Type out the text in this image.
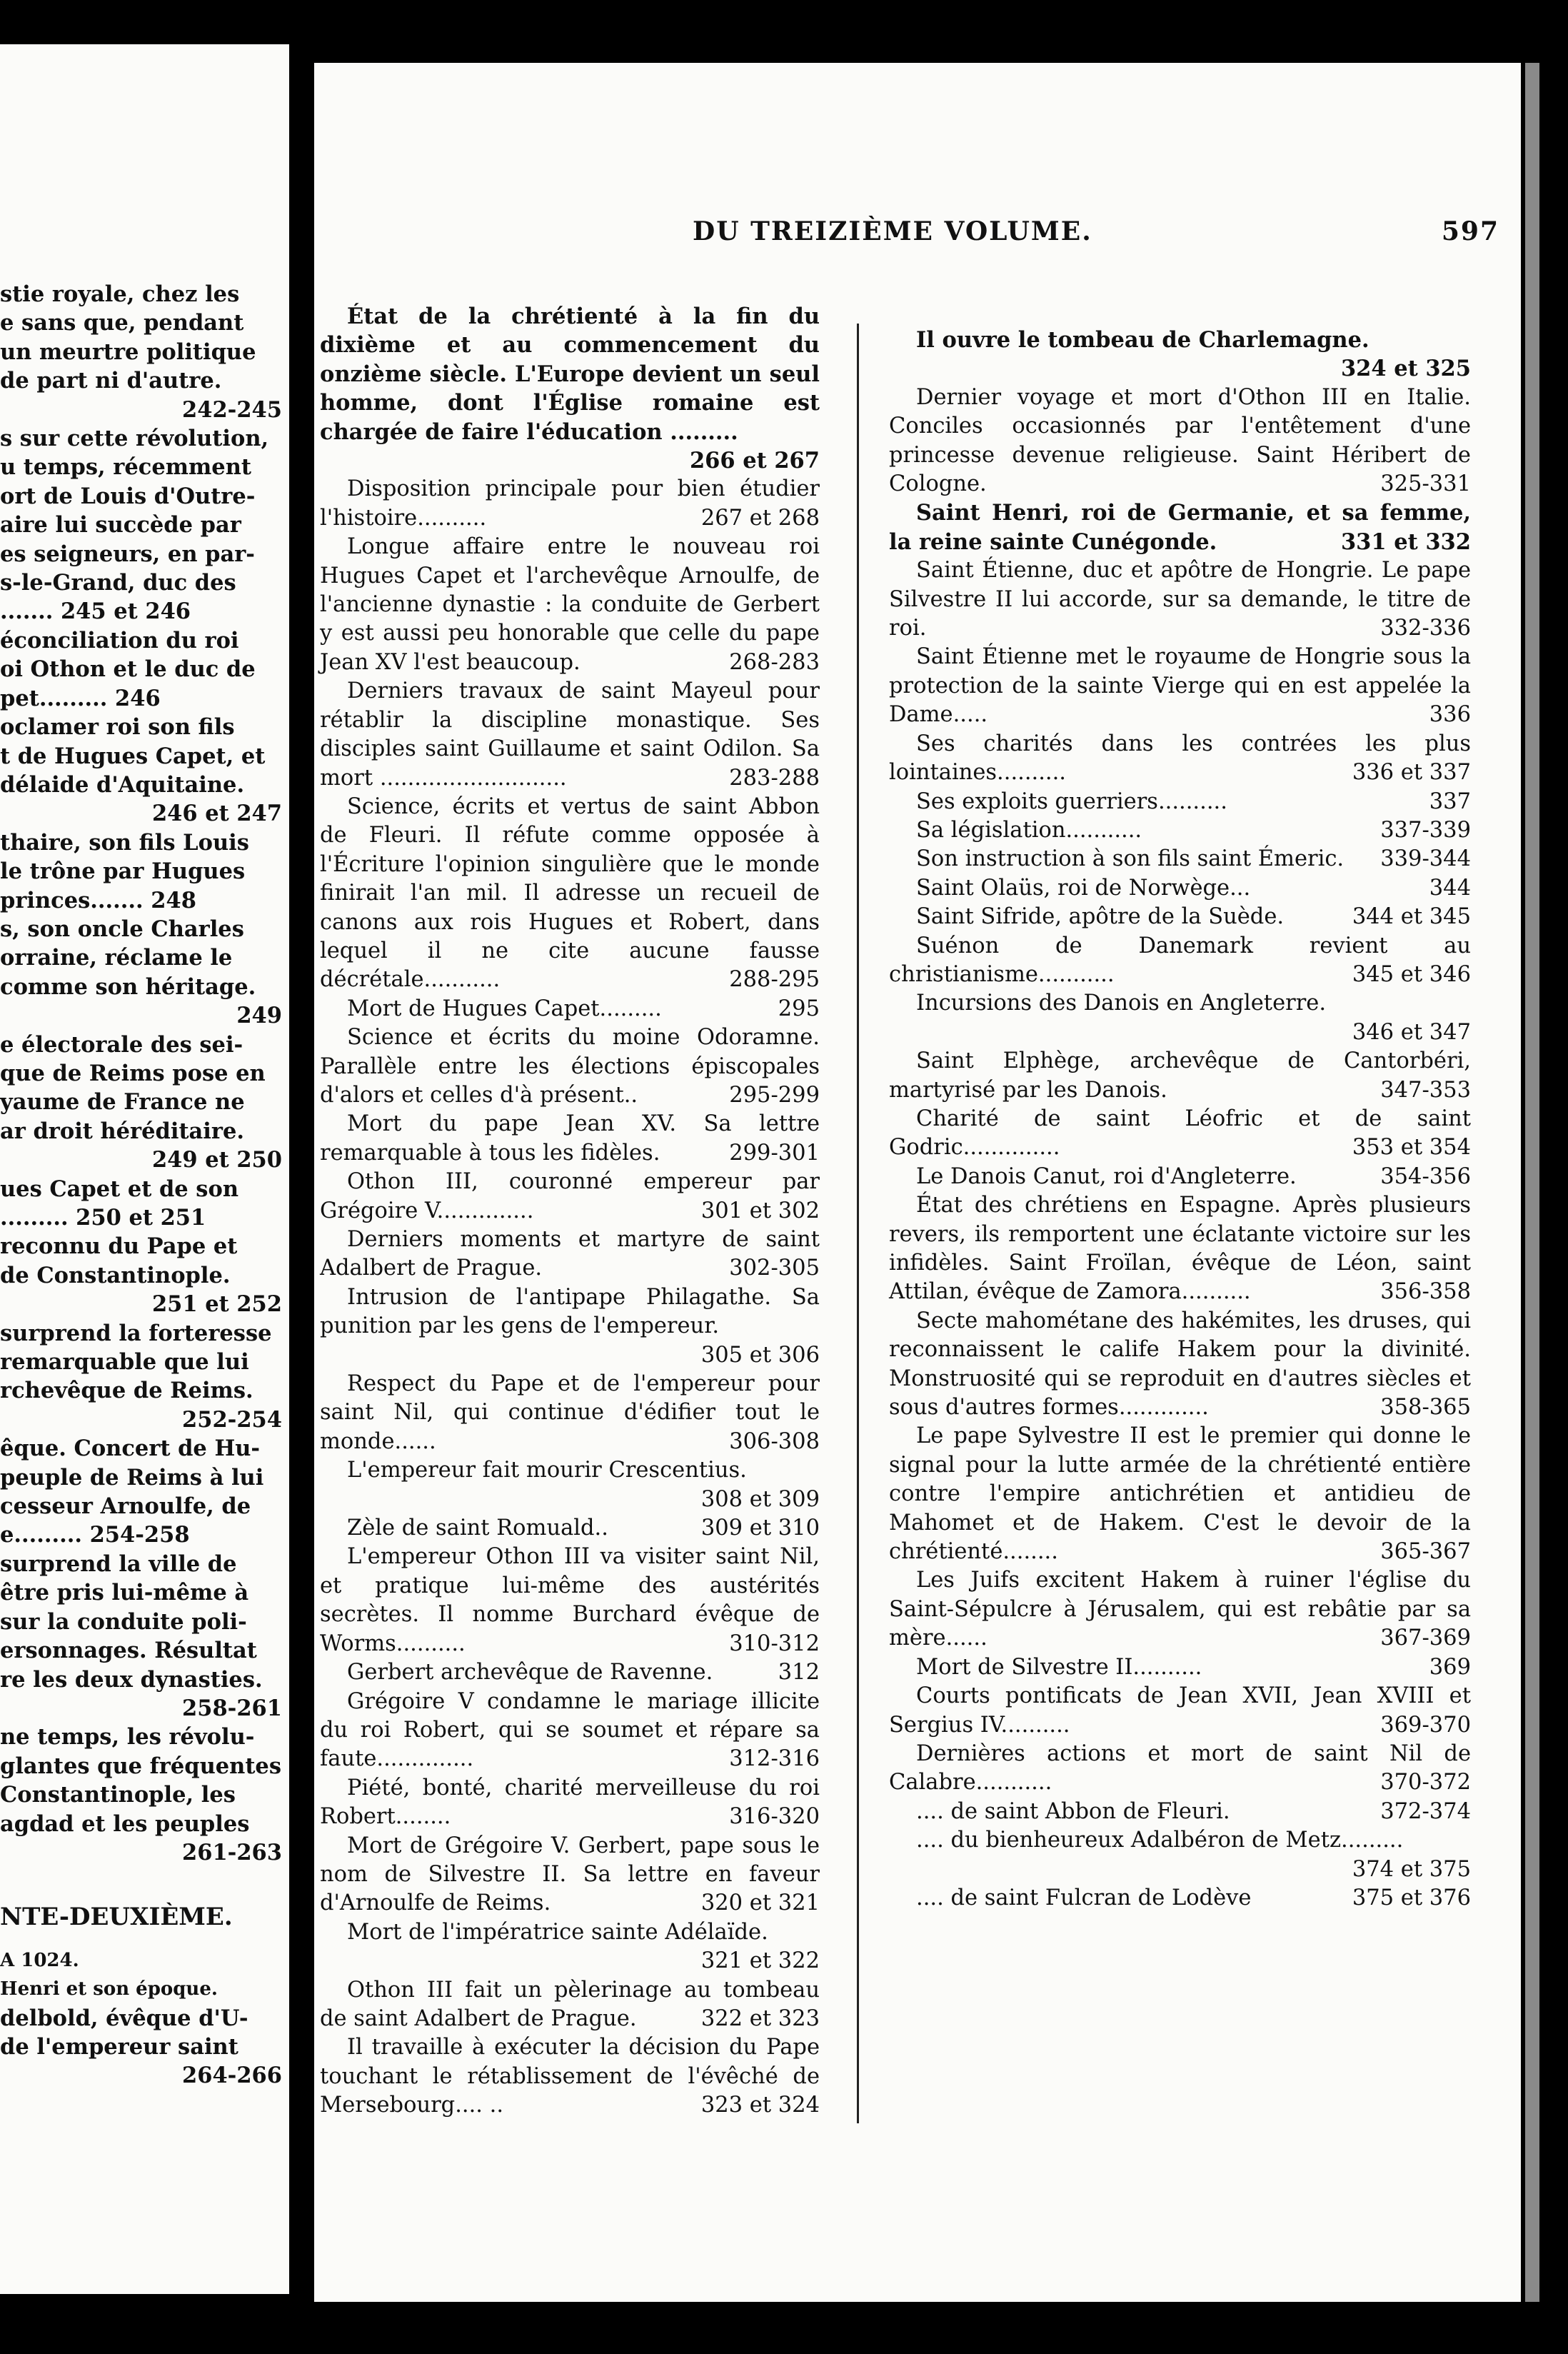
stie royale, chez les
e sans que, pendant
un meurtre politique
de part ni d'autre.
242-245
s sur cette révolution,
u temps, récemment
ort de Louis d'Outre-
aire lui succède par
es seigneurs, en par-
s-le-Grand, duc des
....... 245 et 246
éconciliation du roi
oi Othon et le duc de
pet......... 246
oclamer roi son fils
t de Hugues Capet, et
délaide d'Aquitaine.
246 et 247
thaire, son fils Louis
le trône par Hugues
princes....... 248
s, son oncle Charles
orraine, réclame le
comme son héritage.
249
e électorale des sei-
que de Reims pose en
yaume de France ne
ar droit héréditaire.
249 et 250
ues Capet et de son
......... 250 et 251
reconnu du Pape et
de Constantinople.
251 et 252
surprend la forteresse
remarquable que lui
rchevêque de Reims.
252-254
êque. Concert de Hu-
peuple de Reims à lui
cesseur Arnoulfe, de
e......... 254-258
surprend la ville de
être pris lui-même à
sur la conduite poli-
ersonnages. Résultat
re les deux dynasties.
258-261
ne temps, les révolu-
glantes que fréquentes
Constantinople, les
agdad et les peuples
261-263
NTE-DEUXIÈME.
A 1024.
Henri et son époque.
delbold, évêque d'U-
de l'empereur saint
264-266
DU TREIZIÈME VOLUME.	597

État de la chrétienté à la fin du dixième et au commencement du onzième siècle. L'Europe devient un seul homme, dont l'Église romaine est chargée de faire l'éducation .........
266 et 267

Disposition principale pour bien étudier l'histoire..........	267 et 268

Longue affaire entre le nouveau roi Hugues Capet et l'archevêque Arnoulfe, de l'ancienne dynastie : la conduite de Gerbert y est aussi peu honorable que celle du pape Jean XV l'est beaucoup.	268-283

Derniers travaux de saint Mayeul pour rétablir la discipline monastique. Ses disciples saint Guillaume et saint Odilon. Sa mort ...........................	283-288

Science, écrits et vertus de saint Abbon de Fleuri. Il réfute comme opposée à l'Écriture l'opinion singulière que le monde finirait l'an mil. Il adresse un recueil de canons aux rois Hugues et Robert, dans lequel il ne cite aucune fausse décrétale...........	288-295

Mort de Hugues Capet.........	295

Science et écrits du moine Odoramne. Parallèle entre les élections épiscopales d'alors et celles d'à présent..	295-299

Mort du pape Jean XV. Sa lettre remarquable à tous les fidèles.	299-301

Othon III, couronné empereur par Grégoire V..............	301 et 302

Derniers moments et martyre de saint Adalbert de Prague.	302-305

Intrusion de l'antipape Philagathe. Sa punition par les gens de l'empereur.
305 et 306

Respect du Pape et de l'empereur pour saint Nil, qui continue d'édifier tout le monde......	306-308

L'empereur fait mourir Crescentius.
308 et 309

Zèle de saint Romuald..	309 et 310

L'empereur Othon III va visiter saint Nil, et pratique lui-même des austérités secrètes. Il nomme Burchard évêque de Worms..........	310-312

Gerbert archevêque de Ravenne.	312

Grégoire V condamne le mariage illicite du roi Robert, qui se soumet et répare sa faute..............	312-316

Piété, bonté, charité merveilleuse du roi Robert........	316-320

Mort de Grégoire V. Gerbert, pape sous le nom de Silvestre II. Sa lettre en faveur d'Arnoulfe de Reims.	320 et 321

Mort de l'impératrice sainte Adélaïde.
321 et 322

Othon III fait un pèlerinage au tombeau de saint Adalbert de Prague.	322 et 323

Il travaille à exécuter la décision du Pape touchant le rétablissement de l'évêché de Mersebourg.... ..	323 et 324

Il ouvre le tombeau de Charlemagne.
324 et 325

Dernier voyage et mort d'Othon III en Italie. Conciles occasionnés par l'entêtement d'une princesse devenue religieuse. Saint Héribert de Cologne.	325-331

Saint Henri, roi de Germanie, et sa femme, la reine sainte Cunégonde.	331 et 332

Saint Étienne, duc et apôtre de Hongrie. Le pape Silvestre II lui accorde, sur sa demande, le titre de roi.	332-336

Saint Étienne met le royaume de Hongrie sous la protection de la sainte Vierge qui en est appelée la Dame.....	336

Ses charités dans les contrées les plus lointaines..........	336 et 337

Ses exploits guerriers..........	337

Sa législation...........	337-339

Son instruction à son fils saint Émeric.	339-344

Saint Olaüs, roi de Norwège...	344

Saint Sifride, apôtre de la Suède.	344 et 345

Suénon de Danemark revient au christianisme...........	345 et 346

Incursions des Danois en Angleterre.
346 et 347

Saint Elphège, archevêque de Cantorbéri, martyrisé par les Danois.	347-353

Charité de saint Léofric et de saint Godric..............	353 et 354

Le Danois Canut, roi d'Angleterre.	354-356

État des chrétiens en Espagne. Après plusieurs revers, ils remportent une éclatante victoire sur les infidèles. Saint Froïlan, évêque de Léon, saint Attilan, évêque de Zamora..........	356-358

Secte mahométane des hakémites, les druses, qui reconnaissent le calife Hakem pour la divinité. Monstruosité qui se reproduit en d'autres siècles et sous d'autres formes.............	358-365

Le pape Sylvestre II est le premier qui donne le signal pour la lutte armée de la chrétienté entière contre l'empire antichrétien et antidieu de Mahomet et de Hakem. C'est le devoir de la chrétienté........	365-367

Les Juifs excitent Hakem à ruiner l'église du Saint-Sépulcre à Jérusalem, qui est rebâtie par sa mère......	367-369

Mort de Silvestre II..........	369

Courts pontificats de Jean XVII, Jean XVIII et Sergius IV..........	369-370

Dernières actions et mort de saint Nil de Calabre...........	370-372

.... de saint Abbon de Fleuri.	372-374

.... du bienheureux Adalbéron de Metz.........
374 et 375

.... de saint Fulcran de Lodève	375 et 376
